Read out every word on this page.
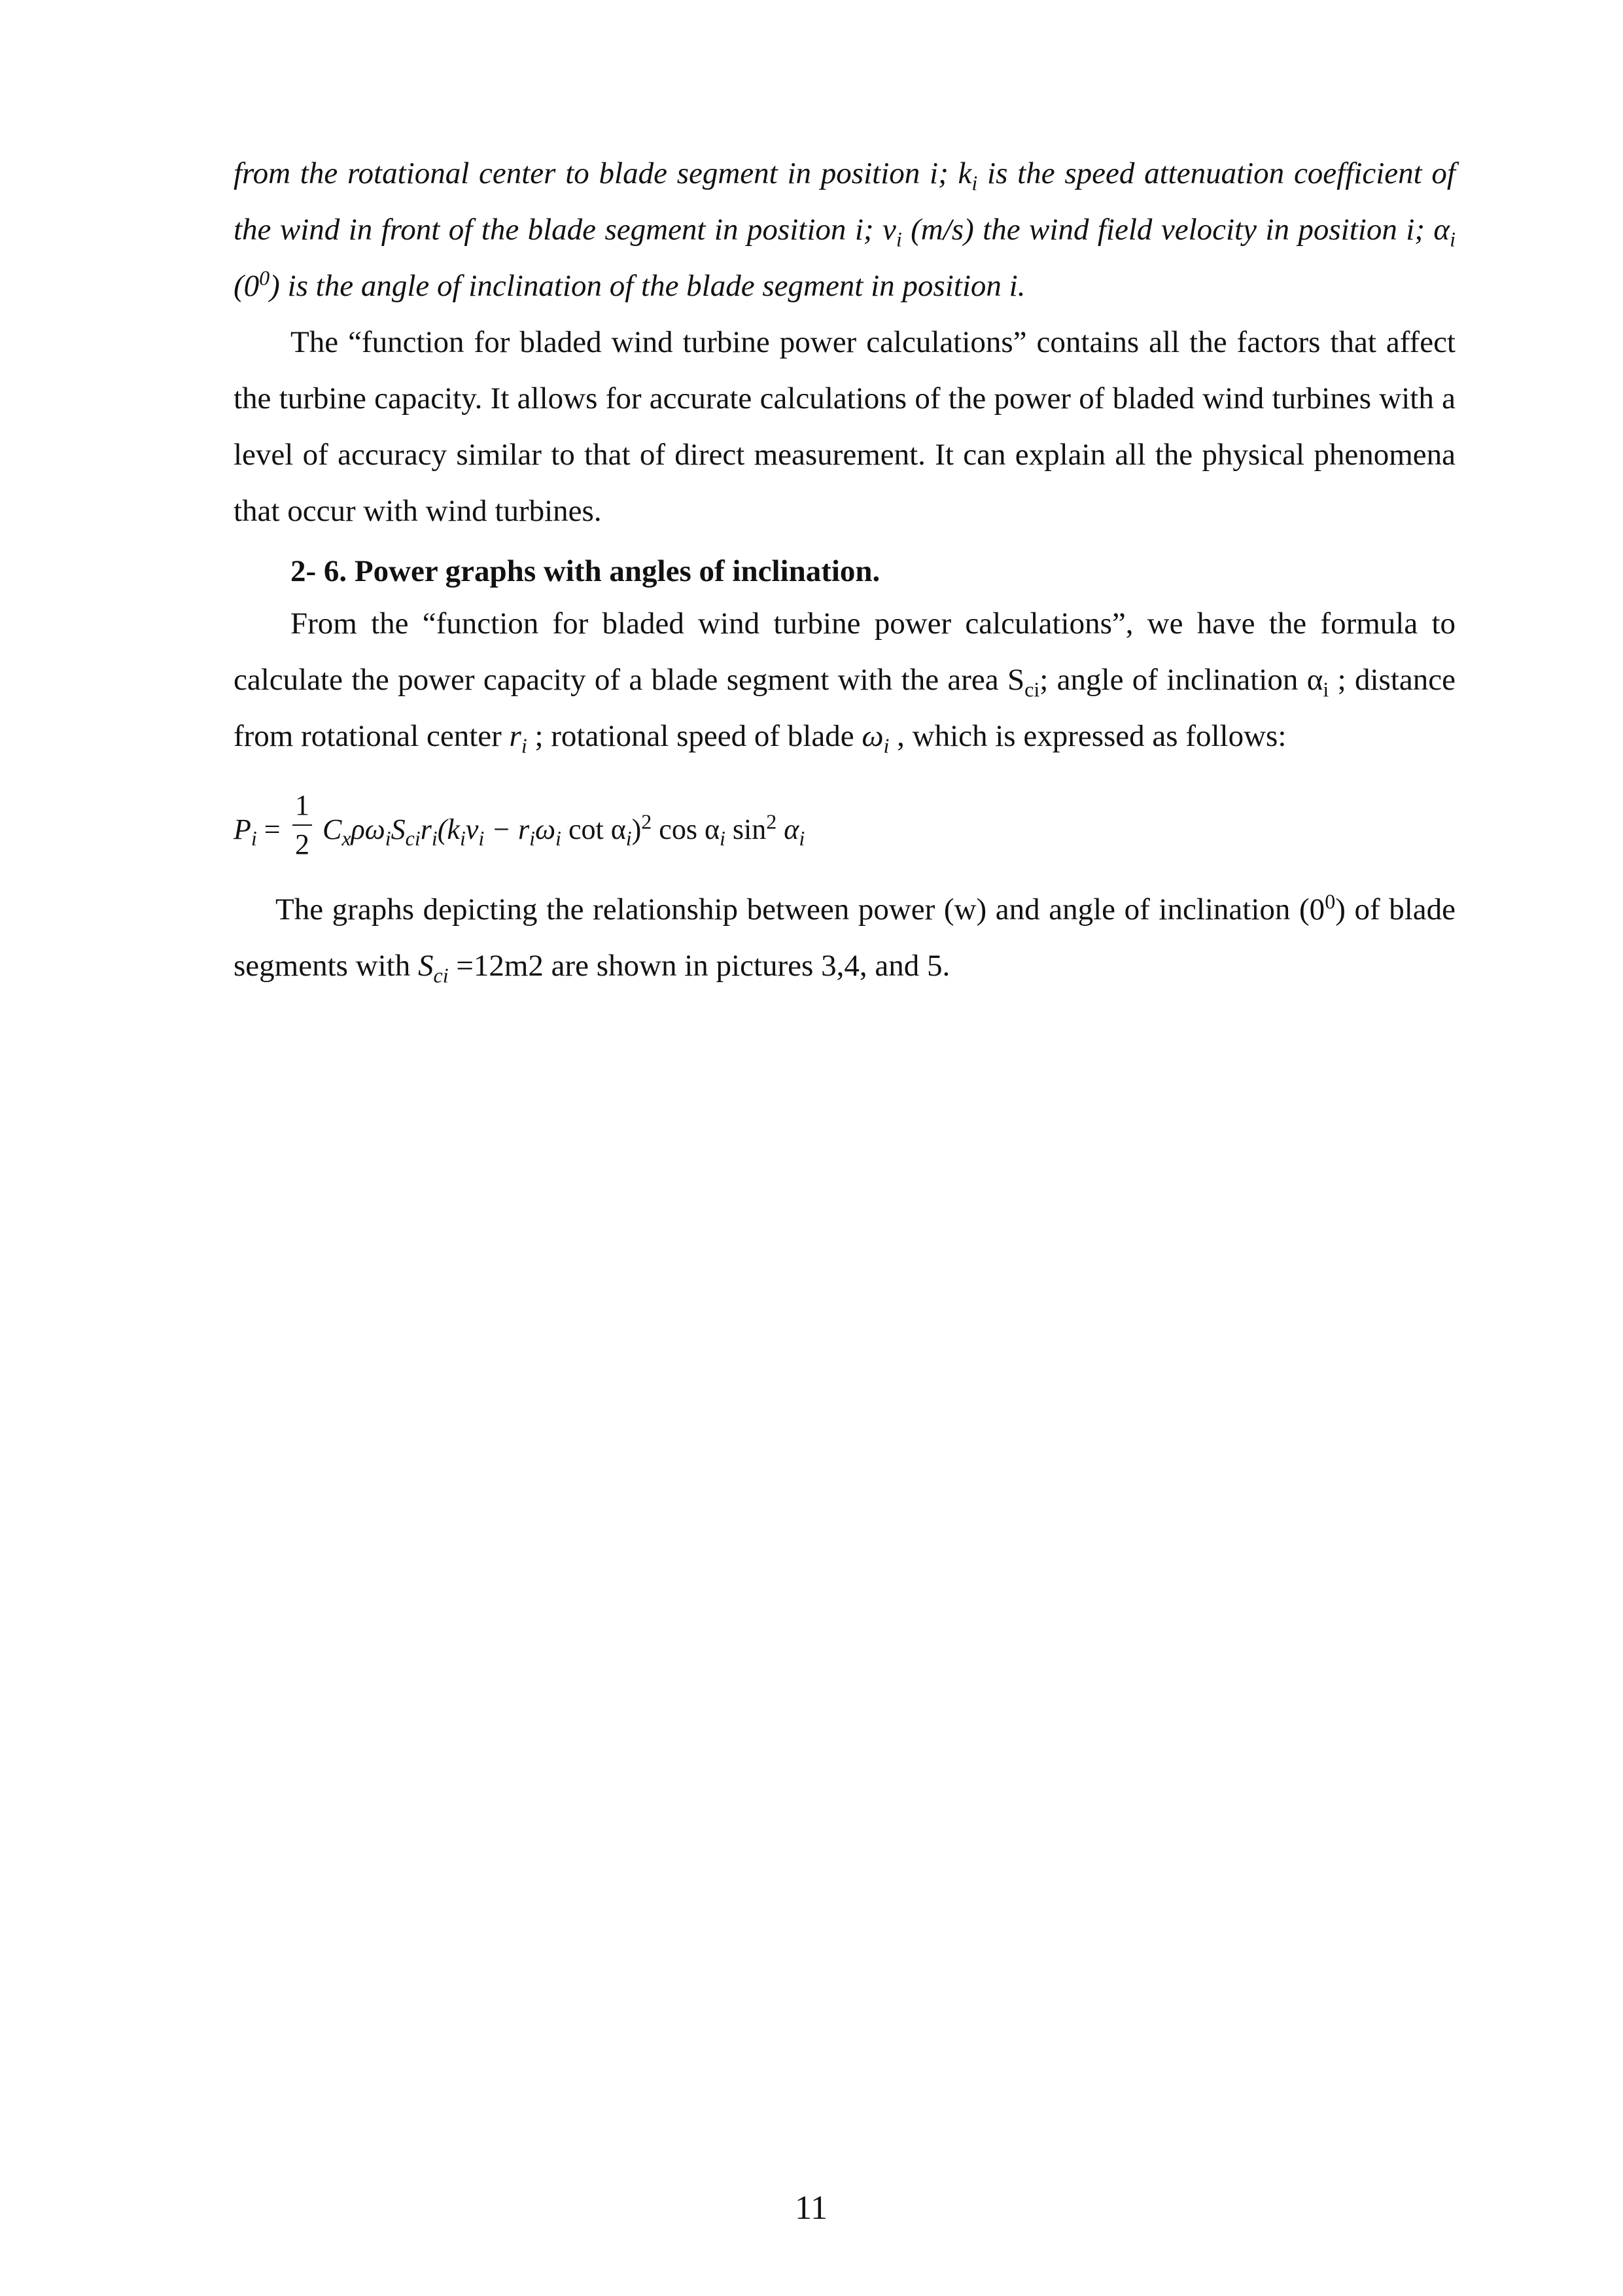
from the rotational center to blade segment in position i; $k_i$ is the speed attenuation coefficient of the wind in front of the blade segment in position i; $v_i$ (m/s) the wind field velocity in position i; $\alpha_i$ $(0^0)$ is the angle of inclination of the blade segment in position i.
The “function for bladed wind turbine power calculations” contains all the factors that affect the turbine capacity. It allows for accurate calculations of the power of bladed wind turbines with a level of accuracy similar to that of direct measurement. It can explain all the physical phenomena that occur with wind turbines.
2- 6. Power graphs with angles of inclination.
From the “function for bladed wind turbine power calculations”, we have the formula to calculate the power capacity of a blade segment with the area $S_{ci}$; angle of inclination $\alpha_i$ ; distance from rotational center $r_i$ ; rotational speed of blade $\omega_i$ , which is expressed as follows:
$P_i$ =
1
2 $C_x\rho\omega_iS_{ci}r_i(k_iv_i - r_i\omega_i$ $\cot \alpha_i)^2$ $\cos \alpha_i$ $\sin^2 \alpha_i$
The graphs depicting the relationship between power (w) and angle of inclination $(0^0)$ of blade segments with $S_{ci} =12m2$ are shown in pictures 3,4, and 5.
11
